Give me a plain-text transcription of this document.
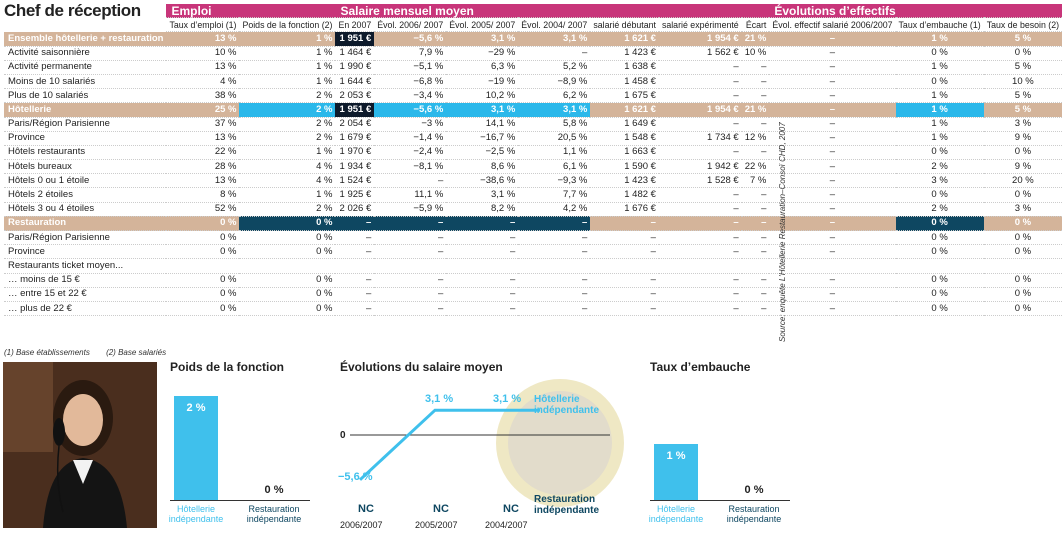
Chef de réception
			Emploi		Salaire mensuel moyen							Évolutions d’effectifs		
		Taux d’emploi (1)	Poids de la fonction (2)		En 2007	Évol. 2006/ 2007	Évol. 2005/ 2007	Évol. 2004/ 2007	salarié débutant	salarié expérimenté	Écart		Évol. effectif salarié 2006/2007	Taux d’embauche (1)	Taux de besoin (2)
Ensemble hôtellerie + restauration		13 %	1 %		1 951 €	−5,6 %	3,1 %	3,1 %	1 621 €	1 954 €	21 %		–	1 %	5 %
Activité saisonnière		10 %	1 %		1 464 €	7,9 %	−29 %	–	1 423 €	1 562 €	10 %		–	0 %	0 %
Activité permanente		13 %	1 %		1 990 €	−5,1 %	6,3 %	5,2 %	1 638 €	–	–		–	1 %	5 %
Moins de 10 salariés		4 %	1 %		1 644 €	−6,8 %	−19 %	−8,9 %	1 458 €	–	–		–	0 %	10 %
Plus de 10 salariés		38 %	2 %		2 053 €	−3,4 %	10,2 %	6,2 %	1 675 €	–	–		–	1 %	5 %
Hôtellerie		25 %	2 %		1 951 €	−5,6 %	3,1 %	3,1 %	1 621 €	1 954 €	21 %		–	1 %	5 %
Paris/Région Parisienne		37 %	2 %		2 054 €	−3 %	14,1 %	5,8 %	1 649 €	–	–		–	1 %	3 %
Province		13 %	2 %		1 679 €	−1,4 %	−16,7 %	20,5 %	1 548 €	1 734 €	12 %		–	1 %	9 %
Hôtels restaurants		22 %	1 %		1 970 €	−2,4 %	−2,5 %	1,1 %	1 663 €	–	–		–	0 %	0 %
Hôtels bureaux		28 %	4 %		1 934 €	−8,1 %	8,6 %	6,1 %	1 590 €	1 942 €	22 %		–	2 %	9 %
Hôtels 0 ou 1 étoile		13 %	4 %		1 524 €	–	−38,6 %	−9,3 %	1 423 €	1 528 €	7 %		–	3 %	20 %
Hôtels 2 étoiles		8 %	1 %		1 925 €	11,1 %	3,1 %	7,7 %	1 482 €	–	–		–	0 %	0 %
Hôtels 3 ou 4 étoiles		52 %	2 %		2 026 €	−5,9 %	8,2 %	4,2 %	1 676 €	–	–		–	2 %	3 %
Restauration		0 %	0 %		–	–	–	–	–	–	–		–	0 %	0 %
Paris/Région Parisienne		0 %	0 %		–	–	–	–	–	–	–		–	0 %	0 %
Province		0 %	0 %		–	–	–	–	–	–	–		–	0 %	0 %
Restaurants ticket moyen...															
… moins de 15 €		0 %	0 %		–	–	–	–	–	–	–		–	0 %	0 %
… entre 15 et 22 €		0 %	0 %		–	–	–	–	–	–	–		–	0 %	0 %
… plus de 22 €		0 %	0 %		–	–	–	–	–	–	–		–	0 %	0 %
(1) Base établissements (2) Base salariés
Poids de la fonction	Évolutions du salaire moyen
0
−5,6 %
3,1 %	3,1 %
NC
2006/2007
NC
2005/2007
NC
2004/2007
Hôtellerie
indépendante
Restauration
indépendante
Taux d’embauche
Source: enquête L’Hôtellerie Restauration–Consoï CHD, 2007
2 %
Hôtellerie indépendante
0 %
Restauration indépendante
1 %
Hôtellerie indépendante
0 %
Restauration indépendante
